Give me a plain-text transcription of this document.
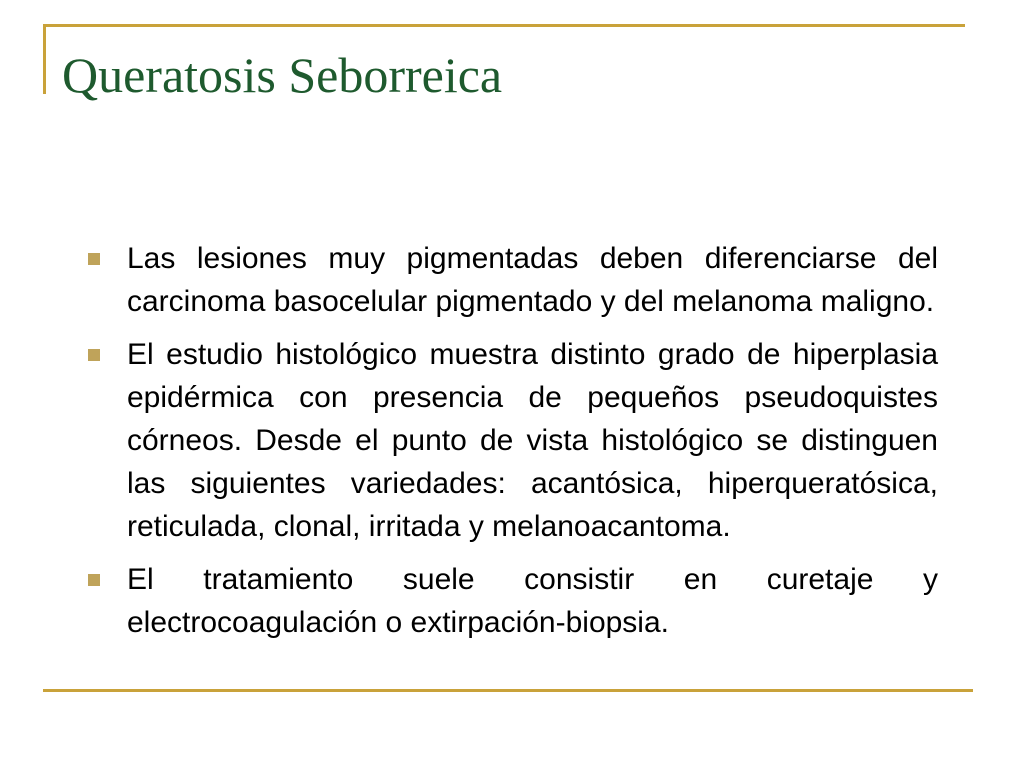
Queratosis Seborreica
Las lesiones muy pigmentadas deben diferenciarse del carcinoma basocelular pigmentado y del melanoma maligno.
El estudio histológico muestra distinto grado de hiperplasia epidérmica con presencia de pequeños pseudoquistes córneos. Desde el punto de vista histológico se distinguen las siguientes variedades: acantósica, hiperqueratósica, reticulada, clonal, irritada y melanoacantoma.
El tratamiento suele consistir en curetaje y electrocoagulación o extirpación-biopsia.
